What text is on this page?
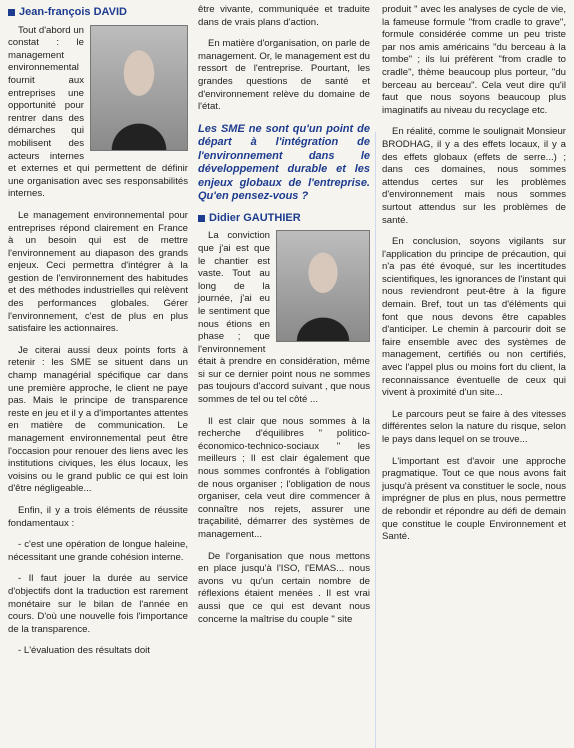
Jean-françois DAVID

Tout d'abord un constat : le management environnemental fournit aux entreprises une opportunité pour rentrer dans des démarches qui mobilisent des acteurs internes et externes et qui permettent de définir une organisation avec ses responsabilités internes.

Le management environnemental pour entreprises répond clairement en France à un besoin qui est de mettre l'environnement au diapason des grands enjeux. Ceci permettra d'intégrer à la gestion de l'environnement des habitudes et des méthodes industrielles qui relèvent des performances globales. Gérer l'environnement, c'est de plus en plus satisfaire les actionnaires.

Je citerai aussi deux points forts à retenir : les SME se situent dans un champ managérial spécifique car dans une première approche, le client ne paye pas. Mais le principe de transparence reste en jeu et il y a d'importantes attentes en matière de communication. Le management environnemental peut être l'occasion pour renouer des liens avec les institutions civiques, les élus locaux, les voisins ou le grand public ce qui est loin d'être négligeable...

Enfin, il y a trois éléments de réussite fondamentaux :

- c'est une opération de longue haleine, nécessitant une grande cohésion interne.

- Il faut jouer la durée au service d'objectifs dont la traduction est rarement monétaire sur le bilan de l'année en cours. D'où une nouvelle fois l'importance de la transparence.

- L'évaluation des résultats doit

être vivante, communiquée et traduite dans de vrais plans d'action.

En matière d'organisation, on parle de management. Or, le management est du ressort de l'entreprise. Pourtant, les grandes questions de santé et d'environnement relève du domaine de l'état.

Les SME ne sont qu'un point de départ à l'intégration de l'environnement dans le développement durable et les enjeux globaux de l'entreprise. Qu'en pensez-vous ?
Didier GAUTHIER

La conviction que j'ai est que le chantier est vaste. Tout au long de la journée, j'ai eu le sentiment que nous étions en phase ; que l'environnement était à prendre en considération, même si sur ce dernier point nous ne sommes pas toujours d'accord suivant , que nous sommes de tel ou tel côté ...

Il est clair que nous sommes à la recherche d'équilibres " politico-économico-technico-sociaux " les meilleurs ; Il est clair également que nous sommes confrontés à l'obligation de nous organiser ; l'obligation de nous organiser, cela veut dire commencer à connaître nos rejets, assurer une traçabilité, démarrer des systèmes de management...

De l'organisation que nous mettons en place jusqu'à l'ISO, l'EMAS... nous avons vu qu'un certain nombre de réflexions étaient menées . Il est vrai aussi que ce qui est devant nous concerne la maîtrise du couple " site

produit " avec les analyses de cycle de vie, la fameuse formule "from cradle to grave", formule considérée comme un peu triste par nos amis américains "du berceau à la tombe" ; ils lui préfèrent "from cradle to cradle", thème beaucoup plus porteur, "du berceau au berceau". Cela veut dire qu'il faut que nous soyons beaucoup plus imaginatifs au niveau du recyclage etc.

En réalité, comme le soulignait Monsieur BRODHAG, il y a des effets locaux, il y a des effets globaux (effets de serre...) ; dans ces domaines, nous sommes attendus certes sur les problèmes d'environnement mais nous sommes surtout attendus sur les problèmes de santé.

En conclusion, soyons vigilants sur l'application du principe de précaution, qui n'a pas été évoqué, sur les incertitudes scientifiques, les ignorances de l'instant qui nous reviendront peut-être à la figure demain. Bref, tout un tas d'éléments qui font que nous devons être capables d'anticiper. Le chemin à parcourir doit se faire ensemble avec des systèmes de management, certifiés ou non certifiés, avec l'appel plus ou moins fort du client, la reconnaissance éventuelle de ceux qui vivent à proximité d'un site...

Le parcours peut se faire à des vitesses différentes selon la nature du risque, selon le pays dans lequel on se trouve...

L'important est d'avoir une approche pragmatique. Tout ce que nous avons fait jusqu'à présent va constituer le socle, nous imprégner de plus en plus, nous permettre de rebondir et répondre au défi de demain que constitue le couple Environnement et Santé.
